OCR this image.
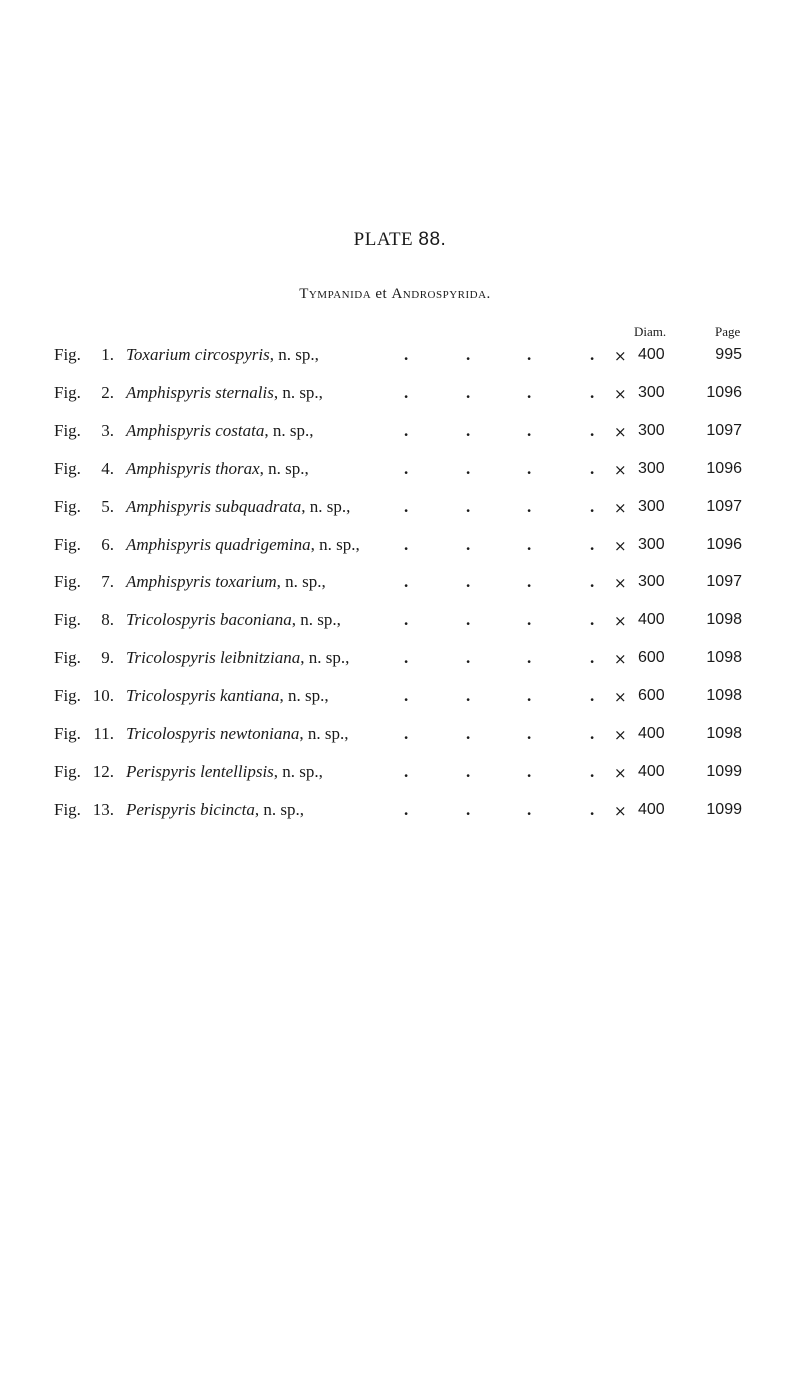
PLATE 88.
Tympanida et Androspyrida.
Diam.	Page
Fig. 1. Toxarium circospyris, n. sp.,	.	.	.	. × 400	995
Fig. 2. Amphispyris sternalis, n. sp.,	.	.	.	. × 300	1096
Fig. 3. Amphispyris costata, n. sp.,	.	.	.	. × 300	1097
Fig. 4. Amphispyris thorax, n. sp.,	.	.	.	. × 300	1096
Fig. 5. Amphispyris subquadrata, n. sp.,	.	.	.	. × 300	1097
Fig. 6. Amphispyris quadrigemina, n. sp.,	.	.	.	. × 300	1096
Fig. 7. Amphispyris toxarium, n. sp.,	.	.	.	. × 300	1097
Fig. 8. Tricolospyris baconiana, n. sp.,	.	.	.	. × 400	1098
Fig. 9. Tricolospyris leibnitziana, n. sp.,	.	.	.	. × 600	1098
Fig. 10. Tricolospyris kantiana, n. sp.,	.	.	.	. × 600	1098
Fig. 11. Tricolospyris newtoniana, n. sp.,	.	.	.	. × 400	1098
Fig. 12. Perispyris lentellipsis, n. sp.,	.	.	.	. × 400	1099
Fig. 13. Perispyris bicincta, n. sp.,	.	.	.	. × 400	1099
